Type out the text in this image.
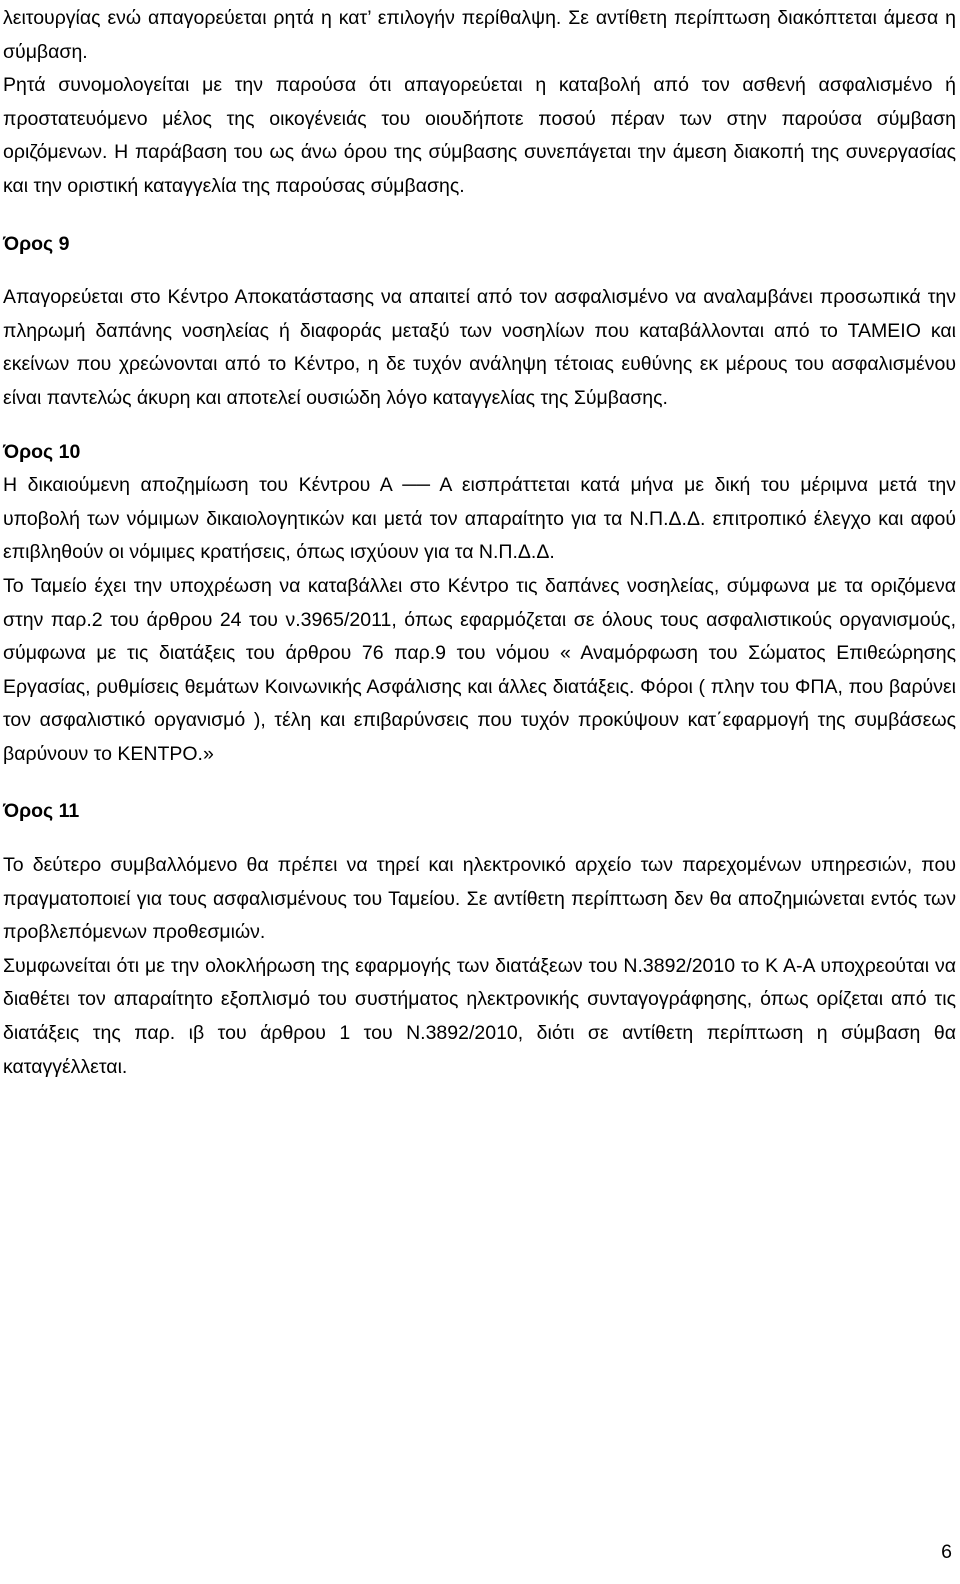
λειτουργίας ενώ απαγορεύεται ρητά η κατ’ επιλογήν περίθαλψη. Σε αντίθετη περίπτωση διακόπτεται άμεσα η σύμβαση.

Ρητά συνομολογείται με την παρούσα ότι απαγορεύεται η καταβολή από τον ασθενή ασφαλισμένο ή προστατευόμενο μέλος της οικογένειάς του οιουδήποτε ποσού πέραν των στην παρούσα σύμβαση οριζόμενων. Η παράβαση του ως άνω όρου της σύμβασης συνεπάγεται την άμεση διακοπή της συνεργασίας και την οριστική καταγγελία της παρούσας σύμβασης.

Όρος 9

Απαγορεύεται στο Κέντρο Αποκατάστασης να απαιτεί από τον ασφαλισμένο να αναλαμβάνει προσωπικά την πληρωμή δαπάνης νοσηλείας ή διαφοράς μεταξύ των νοσηλίων που καταβάλλονται από το ΤΑΜΕΙΟ και εκείνων που χρεώνονται από το Κέντρο, η δε τυχόν ανάληψη τέτοιας ευθύνης εκ μέρους του ασφαλισμένου είναι παντελώς άκυρη και αποτελεί ουσιώδη λόγο καταγγελίας της Σύμβασης.

Όρος 10

Η δικαιούμενη αποζημίωση του Κέντρου Α ── Α εισπράττεται κατά μήνα με δική του μέριμνα μετά την υποβολή των νόμιμων δικαιολογητικών και μετά τον απαραίτητο για τα Ν.Π.Δ.Δ. επιτροπικό έλεγχο και αφού επιβληθούν οι νόμιμες κρατήσεις, όπως ισχύουν για τα Ν.Π.Δ.Δ.

Το Ταμείο έχει την υποχρέωση να καταβάλλει στο Κέντρο τις δαπάνες νοσηλείας, σύμφωνα με τα οριζόμενα στην παρ.2 του άρθρου 24 του ν.3965/2011, όπως εφαρμόζεται σε όλους τους ασφαλιστικούς οργανισμούς, σύμφωνα με τις διατάξεις του άρθρου 76 παρ.9 του νόμου « Αναμόρφωση του Σώματος Επιθεώρησης Εργασίας, ρυθμίσεις θεμάτων Κοινωνικής Ασφάλισης και άλλες διατάξεις. Φόροι ( πλην του ΦΠΑ, που βαρύνει τον ασφαλιστικό οργανισμό ), τέλη και επιβαρύνσεις που τυχόν προκύψουν κατ΄εφαρμογή της συμβάσεως βαρύνουν το ΚΕΝΤΡΟ.»

Όρος 11

Το δεύτερο συμβαλλόμενο θα πρέπει να τηρεί και ηλεκτρονικό αρχείο των παρεχομένων υπηρεσιών, που πραγματοποιεί για τους ασφαλισμένους του Ταμείου. Σε αντίθετη περίπτωση δεν θα αποζημιώνεται εντός των προβλεπόμενων προθεσμιών.

Συμφωνείται ότι με την ολοκλήρωση της εφαρμογής των διατάξεων του Ν.3892/2010 το Κ Α-Α υποχρεούται να διαθέτει τον απαραίτητο εξοπλισμό του συστήματος ηλεκτρονικής συνταγογράφησης, όπως ορίζεται από τις διατάξεις της παρ. ιβ του άρθρου 1 του Ν.3892/2010, διότι σε αντίθετη περίπτωση η σύμβαση θα καταγγέλλεται.

6
